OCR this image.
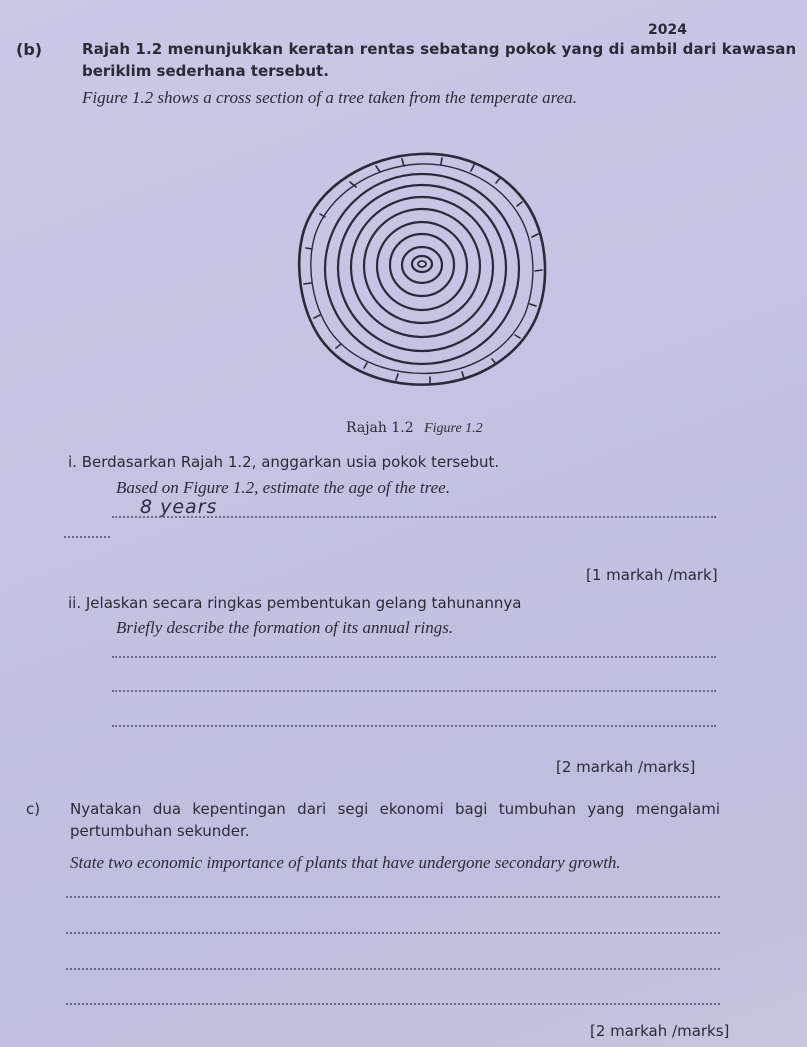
2024
(b)	Rajah 1.2 menunjukkan keratan rentas sebatang pokok yang di ambil dari kawasan
beriklim sederhana tersebut.
Figure 1.2 shows a cross section of a tree taken from the temperate area.
Rajah 1.2 Figure 1.2
i. Berdasarkan Rajah 1.2, anggarkan usia pokok tersebut.
Based on Figure 1.2, estimate the age of the tree.
8 years
[1 markah /mark]
ii. Jelaskan secara ringkas pembentukan gelang tahunannya
Briefly describe the formation of its annual rings.
[2 markah /marks]
c) Nyatakan dua kepentingan dari segi ekonomi bagi tumbuhan yang mengalami
pertumbuhan sekunder.
State two economic importance of plants that have undergone secondary growth.
[2 markah /marks]
